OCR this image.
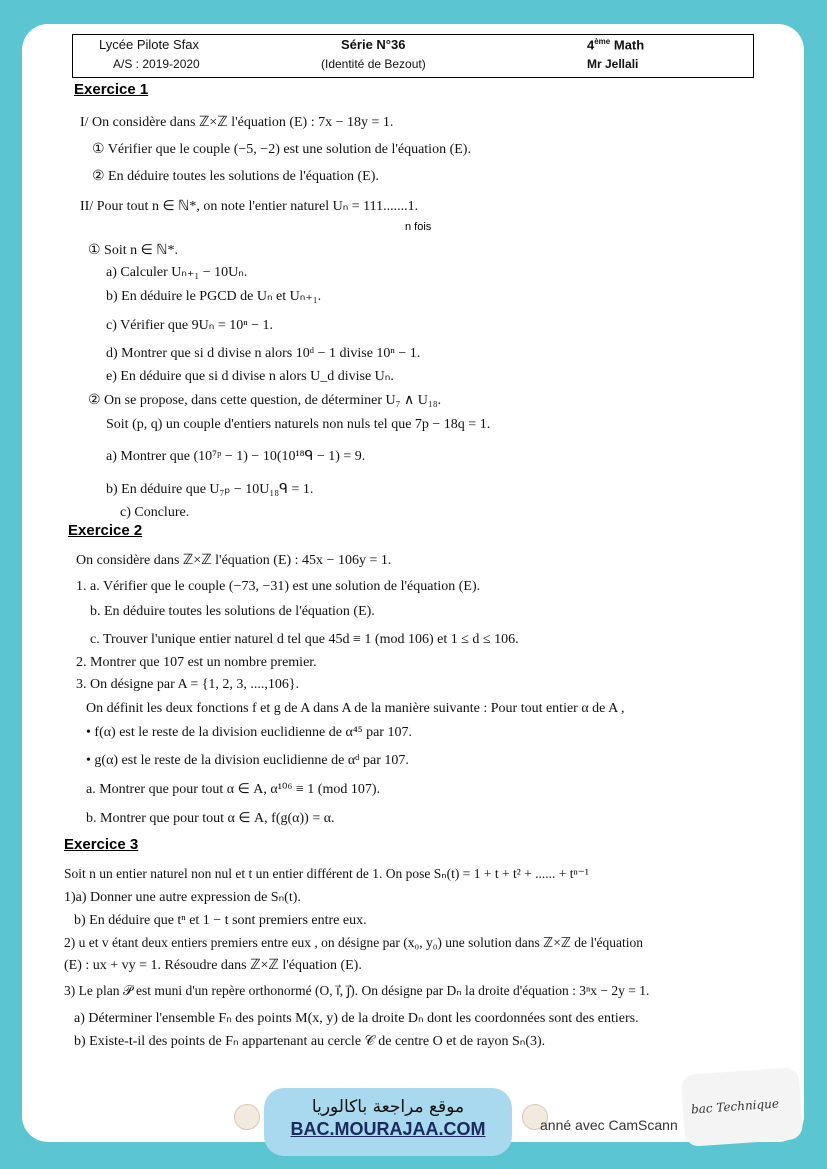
Lycée Pilote Sfax
A/S : 2019-2020
Série N°36
(Identité de Bezout)
4ème Math
Mr Jellali
Exercice 1
I/ On considère dans ℤ×ℤ l'équation (E) : 7x − 18y = 1.
① Vérifier que le couple (−5, −2) est une solution de l'équation (E).
② En déduire toutes les solutions de l'équation (E).
II/ Pour tout n ∈ ℕ*, on note l'entier naturel Uₙ = 111.......1.
n fois
① Soit n ∈ ℕ*.
a) Calculer Uₙ₊₁ − 10Uₙ.
b) En déduire le PGCD de Uₙ et Uₙ₊₁.
c) Vérifier que 9Uₙ = 10ⁿ − 1.
d) Montrer que si d divise n alors 10ᵈ − 1 divise 10ⁿ − 1.
e) En déduire que si d divise n alors U_d divise Uₙ.
② On se propose, dans cette question, de déterminer U₇ ∧ U₁₈.
Soit (p, q) un couple d'entiers naturels non nuls tel que 7p − 18q = 1.
a) Montrer que (10⁷ᵖ − 1) − 10(10¹⁸ᑫ − 1) = 9.
b) En déduire que U₇ₚ − 10U₁₈ᑫ = 1.
c) Conclure.
Exercice 2
On considère dans ℤ×ℤ l'équation (E) : 45x − 106y = 1.
1. a. Vérifier que le couple (−73, −31) est une solution de l'équation (E).
b. En déduire toutes les solutions de l'équation (E).
c. Trouver l'unique entier naturel d tel que 45d ≡ 1 (mod 106) et 1 ≤ d ≤ 106.
2. Montrer que 107 est un nombre premier.
3. On désigne par A = {1, 2, 3, ....,106}.
On définit les deux fonctions f et g de A dans A de la manière suivante : Pour tout entier α de A ,
• f(α) est le reste de la division euclidienne de α⁴⁵ par 107.
• g(α) est le reste de la division euclidienne de αᵈ par 107.
a. Montrer que pour tout α ∈ A, α¹⁰⁶ ≡ 1 (mod 107).
b. Montrer que pour tout α ∈ A, f(g(α)) = α.
Exercice 3
Soit n un entier naturel non nul et t un entier différent de 1. On pose Sₙ(t) = 1 + t + t² + ...... + tⁿ⁻¹
1)a) Donner une autre expression de Sₙ(t).
b) En déduire que tⁿ et 1 − t sont premiers entre eux.
2) u et v étant deux entiers premiers entre eux , on désigne par (x₀, y₀) une solution dans ℤ×ℤ de l'équation
(E) : ux + vy = 1. Résoudre dans ℤ×ℤ l'équation (E).
3) Le plan 𝒫 est muni d'un repère orthonormé (O, i⃗, j⃗). On désigne par Dₙ la droite d'équation : 3ⁿx − 2y = 1.
a) Déterminer l'ensemble Fₙ des points M(x, y) de la droite Dₙ dont les coordonnées sont des entiers.
b) Existe-t-il des points de Fₙ appartenant au cercle 𝒞 de centre O et de rayon Sₙ(3).
موقع مراجعة باكالوريا
BAC.MOURAJAA.COM	anné avec CamScann
bac Technique
